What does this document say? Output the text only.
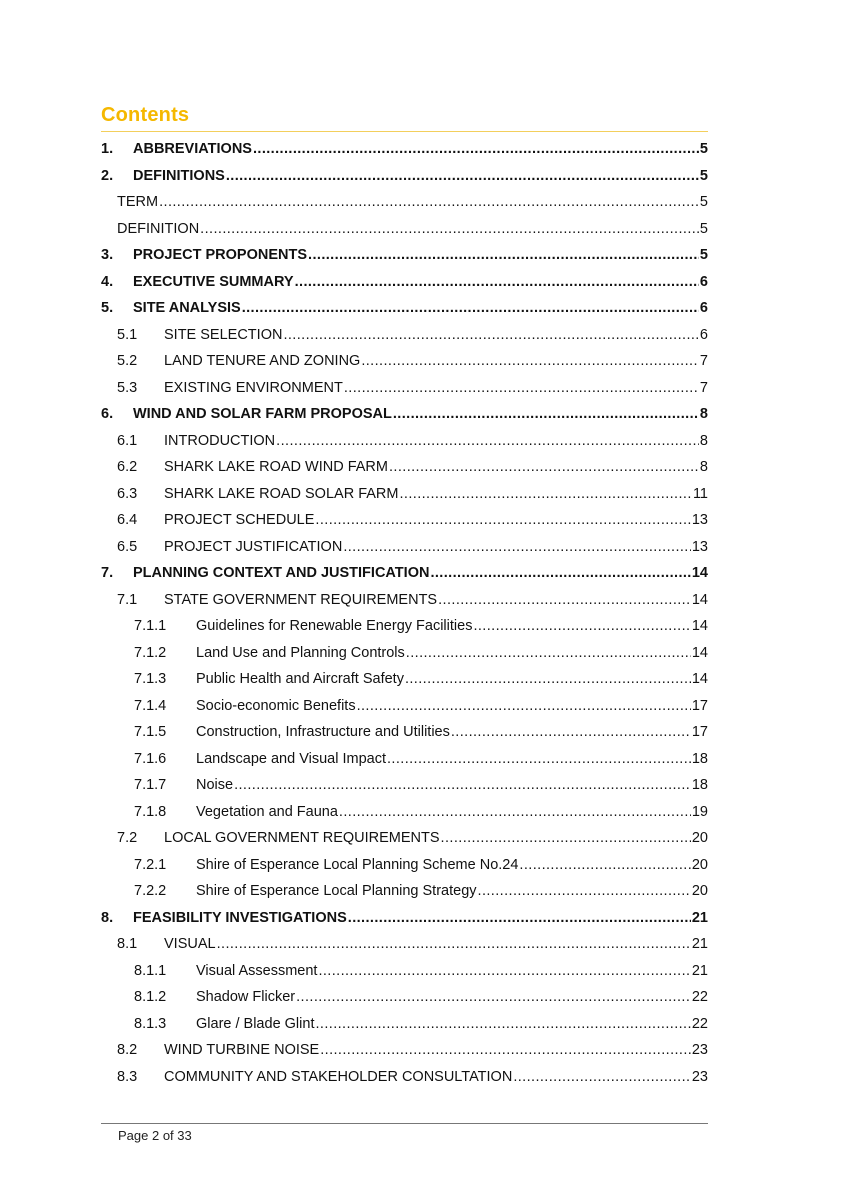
Contents
1.	ABBREVIATIONS .....	5
2.	DEFINITIONS .....	5
TERM .....	5
DEFINITION .....	5
3.	PROJECT PROPONENTS .....	5
4.	EXECUTIVE SUMMARY .....	6
5.	SITE ANALYSIS .....	6
5.1	SITE SELECTION .....	6
5.2	LAND TENURE AND ZONING .....	7
5.3	EXISTING ENVIRONMENT .....	7
6.	WIND AND SOLAR FARM PROPOSAL .....	8
6.1	INTRODUCTION .....	8
6.2	SHARK LAKE ROAD WIND FARM .....	8
6.3	SHARK LAKE ROAD SOLAR FARM .....	11
6.4	PROJECT SCHEDULE .....	13
6.5	PROJECT JUSTIFICATION .....	13
7.	PLANNING CONTEXT AND JUSTIFICATION .....	14
7.1	STATE GOVERNMENT REQUIREMENTS .....	14
7.1.1	Guidelines for Renewable Energy Facilities .....	14
7.1.2	Land Use and Planning Controls .....	14
7.1.3	Public Health and Aircraft Safety .....	14
7.1.4	Socio-economic Benefits .....	17
7.1.5	Construction, Infrastructure and Utilities .....	17
7.1.6	Landscape and Visual Impact .....	18
7.1.7	Noise .....	18
7.1.8	Vegetation and Fauna .....	19
7.2	LOCAL GOVERNMENT REQUIREMENTS .....	20
7.2.1	Shire of Esperance Local Planning Scheme No.24 .....	20
7.2.2	Shire of Esperance Local Planning Strategy .....	20
8.	FEASIBILITY INVESTIGATIONS .....	21
8.1	VISUAL .....	21
8.1.1	Visual Assessment .....	21
8.1.2	Shadow Flicker .....	22
8.1.3	Glare / Blade Glint .....	22
8.2	WIND TURBINE NOISE .....	23
8.3	COMMUNITY AND STAKEHOLDER CONSULTATION .....	23
Page 2 of 33
